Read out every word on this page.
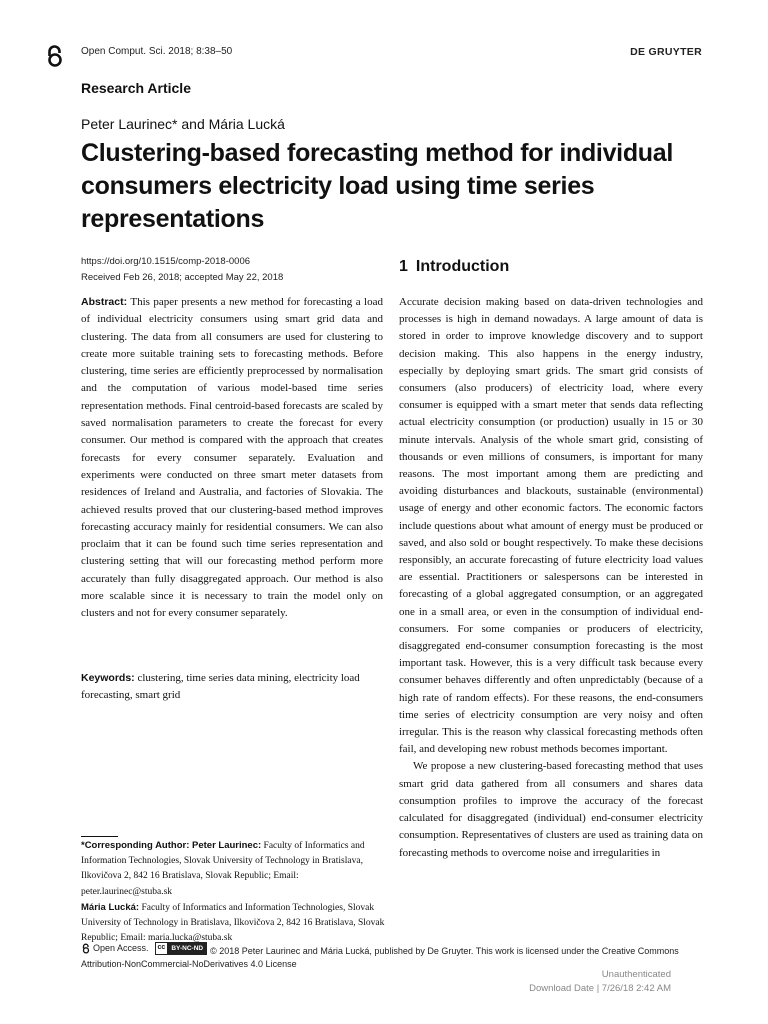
Open Comput. Sci. 2018; 8:38–50	DE GRUYTER
Research Article
Peter Laurinec* and Mária Lucká
Clustering-based forecasting method for individual consumers electricity load using time series representations
https://doi.org/10.1515/comp-2018-0006
Received Feb 26, 2018; accepted May 22, 2018

Abstract: This paper presents a new method for forecasting a load of individual electricity consumers using smart grid data and clustering. The data from all consumers are used for clustering to create more suitable training sets to forecasting methods. Before clustering, time series are efficiently preprocessed by normalisation and the computation of various model-based time series representation methods. Final centroid-based forecasts are scaled by saved normalisation parameters to create the forecast for every consumer. Our method is compared with the approach that creates forecasts for every consumer separately. Evaluation and experiments were conducted on three smart meter datasets from residences of Ireland and Australia, and factories of Slovakia. The achieved results proved that our clustering-based method improves forecasting accuracy mainly for residential consumers. We can also proclaim that it can be found such time series representation and clustering setting that will our forecasting method perform more accurately than fully disaggregated approach. Our method is also more scalable since it is necessary to train the model only on clusters and not for every consumer separately.

Keywords: clustering, time series data mining, electricity load forecasting, smart grid

*Corresponding Author: Peter Laurinec: Faculty of Informatics and Information Technologies, Slovak University of Technology in Bratislava, Ilkovičova 2, 842 16 Bratislava, Slovak Republic; Email: peter.laurinec@stuba.sk

Mária Lucká: Faculty of Informatics and Information Technologies, Slovak University of Technology in Bratislava, Ilkovičova 2, 842 16 Bratislava, Slovak Republic; Email: maria.lucka@stuba.sk

1 Introduction

Accurate decision making based on data-driven technologies and processes is high in demand nowadays. A large amount of data is stored in order to improve knowledge discovery and to support decision making. This also happens in the energy industry, especially by deploying smart grids. The smart grid consists of consumers (also producers) of electricity load, where every consumer is equipped with a smart meter that sends data reflecting actual electricity consumption (or production) usually in 15 or 30 minute intervals. Analysis of the whole smart grid, consisting of thousands or even millions of consumers, is important for many reasons. The most important among them are predicting and avoiding disturbances and blackouts, sustainable (environmental) usage of energy and other economic factors. The economic factors include questions about what amount of energy must be produced or saved, and also sold or bought respectively. To make these decisions responsibly, an accurate forecasting of future electricity load values are essential. Practitioners or salespersons can be interested in forecasting of a global aggregated consumption, or an aggregated one in a small area, or even in the consumption of individual end-consumers. For some companies or producers of electricity, disaggregated end-consumer consumption forecasting is the most important task. However, this is a very difficult task because every consumer behaves differently and often unpredictably (because of a high rate of random effects). For these reasons, the end-consumers time series of electricity consumption are very noisy and often irregular. This is the reason why classical forecasting methods often fail, and developing new robust methods becomes important.

We propose a new clustering-based forecasting method that uses smart grid data gathered from all consumers and shares data consumption profiles to improve the accuracy of the forecast calculated for disaggregated (individual) end-consumer electricity consumption. Representatives of clusters are used as training data on forecasting methods to overcome noise and irregularities in

Open Access. cc BY-NC-ND © 2018 Peter Laurinec and Mária Lucká, published by De Gruyter. This work is licensed under the Creative Commons Attribution-NonCommercial-NoDerivatives 4.0 License
Unauthenticated
Download Date | 7/26/18 2:42 AM
